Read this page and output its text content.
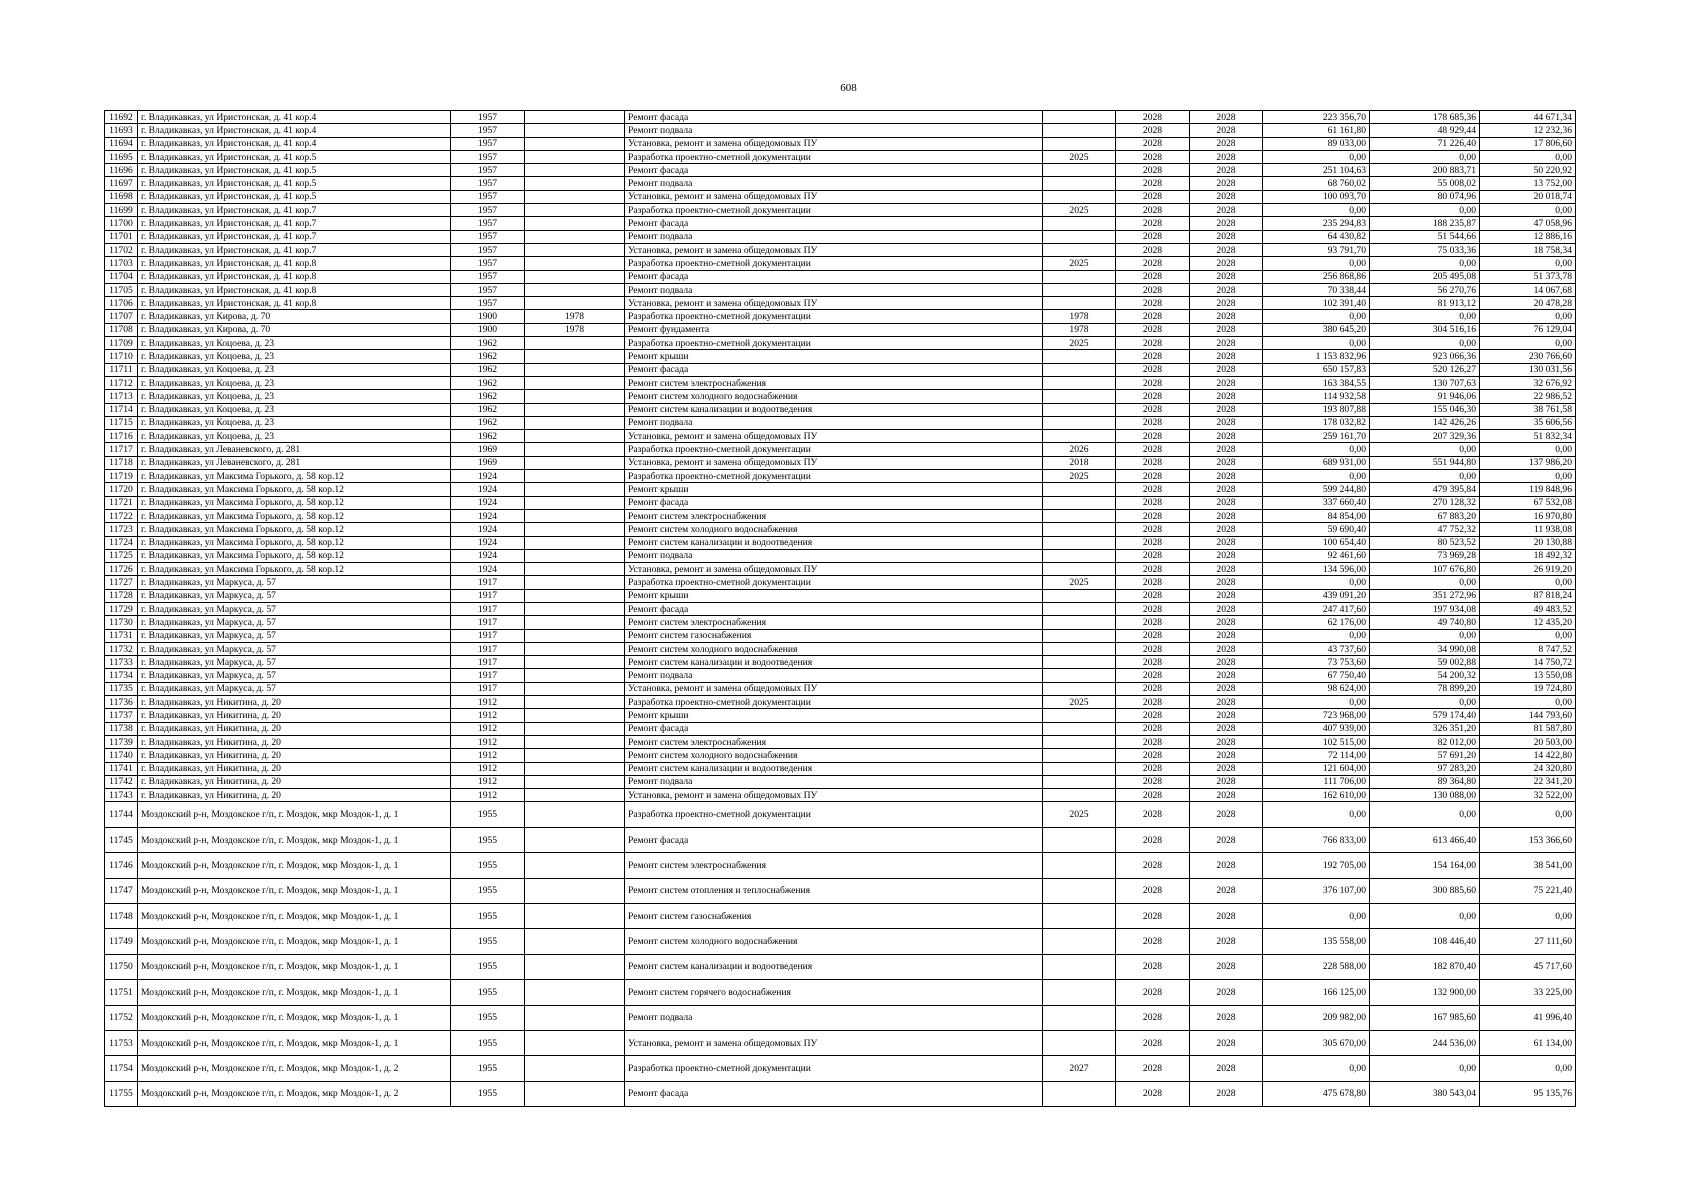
608
11692	г. Владикавказ, ул Иристонская, д. 41 кор.4	1957		Ремонт фасада		2028	2028	223 356,70	178 685,36	44 671,34
11693	г. Владикавказ, ул Иристонская, д. 41 кор.4	1957		Ремонт подвала		2028	2028	61 161,80	48 929,44	12 232,36
11694	г. Владикавказ, ул Иристонская, д. 41 кор.4	1957		Установка, ремонт и замена общедомовых ПУ		2028	2028	89 033,00	71 226,40	17 806,60
11695	г. Владикавказ, ул Иристонская, д. 41 кор.5	1957		Разработка проектно-сметной документации	2025	2028	2028	0,00	0,00	0,00
11696	г. Владикавказ, ул Иристонская, д. 41 кор.5	1957		Ремонт фасада		2028	2028	251 104,63	200 883,71	50 220,92
11697	г. Владикавказ, ул Иристонская, д. 41 кор.5	1957		Ремонт подвала		2028	2028	68 760,02	55 008,02	13 752,00
11698	г. Владикавказ, ул Иристонская, д. 41 кор.5	1957		Установка, ремонт и замена общедомовых ПУ		2028	2028	100 093,70	80 074,96	20 018,74
11699	г. Владикавказ, ул Иристонская, д. 41 кор.7	1957		Разработка проектно-сметной документации	2025	2028	2028	0,00	0,00	0,00
11700	г. Владикавказ, ул Иристонская, д. 41 кор.7	1957		Ремонт фасада		2028	2028	235 294,83	188 235,87	47 058,96
11701	г. Владикавказ, ул Иристонская, д. 41 кор.7	1957		Ремонт подвала		2028	2028	64 430,82	51 544,66	12 886,16
11702	г. Владикавказ, ул Иристонская, д. 41 кор.7	1957		Установка, ремонт и замена общедомовых ПУ		2028	2028	93 791,70	75 033,36	18 758,34
11703	г. Владикавказ, ул Иристонская, д. 41 кор.8	1957		Разработка проектно-сметной документации	2025	2028	2028	0,00	0,00	0,00
11704	г. Владикавказ, ул Иристонская, д. 41 кор.8	1957		Ремонт фасада		2028	2028	256 868,86	205 495,08	51 373,78
11705	г. Владикавказ, ул Иристонская, д. 41 кор.8	1957		Ремонт подвала		2028	2028	70 338,44	56 270,76	14 067,68
11706	г. Владикавказ, ул Иристонская, д. 41 кор.8	1957		Установка, ремонт и замена общедомовых ПУ		2028	2028	102 391,40	81 913,12	20 478,28
11707	г. Владикавказ, ул Кирова, д. 70	1900	1978	Разработка проектно-сметной документации	1978	2028	2028	0,00	0,00	0,00
11708	г. Владикавказ, ул Кирова, д. 70	1900	1978	Ремонт фундамента	1978	2028	2028	380 645,20	304 516,16	76 129,04
11709	г. Владикавказ, ул Коцоева, д. 23	1962		Разработка проектно-сметной документации	2025	2028	2028	0,00	0,00	0,00
11710	г. Владикавказ, ул Коцоева, д. 23	1962		Ремонт крыши		2028	2028	1 153 832,96	923 066,36	230 766,60
11711	г. Владикавказ, ул Коцоева, д. 23	1962		Ремонт фасада		2028	2028	650 157,83	520 126,27	130 031,56
11712	г. Владикавказ, ул Коцоева, д. 23	1962		Ремонт систем электроснабжения		2028	2028	163 384,55	130 707,63	32 676,92
11713	г. Владикавказ, ул Коцоева, д. 23	1962		Ремонт систем холодного водоснабжения		2028	2028	114 932,58	91 946,06	22 986,52
11714	г. Владикавказ, ул Коцоева, д. 23	1962		Ремонт систем канализации и водоотведения		2028	2028	193 807,88	155 046,30	38 761,58
11715	г. Владикавказ, ул Коцоева, д. 23	1962		Ремонт подвала		2028	2028	178 032,82	142 426,26	35 606,56
11716	г. Владикавказ, ул Коцоева, д. 23	1962		Установка, ремонт и замена общедомовых ПУ		2028	2028	259 161,70	207 329,36	51 832,34
11717	г. Владикавказ, ул Леваневского, д. 281	1969		Разработка проектно-сметной документации	2026	2028	2028	0,00	0,00	0,00
11718	г. Владикавказ, ул Леваневского, д. 281	1969		Установка, ремонт и замена общедомовых ПУ	2018	2028	2028	689 931,00	551 944,80	137 986,20
11719	г. Владикавказ, ул Максима Горького, д. 58 кор.12	1924		Разработка проектно-сметной документации	2025	2028	2028	0,00	0,00	0,00
11720	г. Владикавказ, ул Максима Горького, д. 58 кор.12	1924		Ремонт крыши		2028	2028	599 244,80	479 395,84	119 848,96
11721	г. Владикавказ, ул Максима Горького, д. 58 кор.12	1924		Ремонт фасада		2028	2028	337 660,40	270 128,32	67 532,08
11722	г. Владикавказ, ул Максима Горького, д. 58 кор.12	1924		Ремонт систем электроснабжения		2028	2028	84 854,00	67 883,20	16 970,80
11723	г. Владикавказ, ул Максима Горького, д. 58 кор.12	1924		Ремонт систем холодного водоснабжения		2028	2028	59 690,40	47 752,32	11 938,08
11724	г. Владикавказ, ул Максима Горького, д. 58 кор.12	1924		Ремонт систем канализации и водоотведения		2028	2028	100 654,40	80 523,52	20 130,88
11725	г. Владикавказ, ул Максима Горького, д. 58 кор.12	1924		Ремонт подвала		2028	2028	92 461,60	73 969,28	18 492,32
11726	г. Владикавказ, ул Максима Горького, д. 58 кор.12	1924		Установка, ремонт и замена общедомовых ПУ		2028	2028	134 596,00	107 676,80	26 919,20
11727	г. Владикавказ, ул Маркуса, д. 57	1917		Разработка проектно-сметной документации	2025	2028	2028	0,00	0,00	0,00
11728	г. Владикавказ, ул Маркуса, д. 57	1917		Ремонт крыши		2028	2028	439 091,20	351 272,96	87 818,24
11729	г. Владикавказ, ул Маркуса, д. 57	1917		Ремонт фасада		2028	2028	247 417,60	197 934,08	49 483,52
11730	г. Владикавказ, ул Маркуса, д. 57	1917		Ремонт систем электроснабжения		2028	2028	62 176,00	49 740,80	12 435,20
11731	г. Владикавказ, ул Маркуса, д. 57	1917		Ремонт систем газоснабжения		2028	2028	0,00	0,00	0,00
11732	г. Владикавказ, ул Маркуса, д. 57	1917		Ремонт систем холодного водоснабжения		2028	2028	43 737,60	34 990,08	8 747,52
11733	г. Владикавказ, ул Маркуса, д. 57	1917		Ремонт систем канализации и водоотведения		2028	2028	73 753,60	59 002,88	14 750,72
11734	г. Владикавказ, ул Маркуса, д. 57	1917		Ремонт подвала		2028	2028	67 750,40	54 200,32	13 550,08
11735	г. Владикавказ, ул Маркуса, д. 57	1917		Установка, ремонт и замена общедомовых ПУ		2028	2028	98 624,00	78 899,20	19 724,80
11736	г. Владикавказ, ул Никитина, д. 20	1912		Разработка проектно-сметной документации	2025	2028	2028	0,00	0,00	0,00
11737	г. Владикавказ, ул Никитина, д. 20	1912		Ремонт крыши		2028	2028	723 968,00	579 174,40	144 793,60
11738	г. Владикавказ, ул Никитина, д. 20	1912		Ремонт фасада		2028	2028	407 939,00	326 351,20	81 587,80
11739	г. Владикавказ, ул Никитина, д. 20	1912		Ремонт систем электроснабжения		2028	2028	102 515,00	82 012,00	20 503,00
11740	г. Владикавказ, ул Никитина, д. 20	1912		Ремонт систем холодного водоснабжения		2028	2028	72 114,00	57 691,20	14 422,80
11741	г. Владикавказ, ул Никитина, д. 20	1912		Ремонт систем канализации и водоотведения		2028	2028	121 604,00	97 283,20	24 320,80
11742	г. Владикавказ, ул Никитина, д. 20	1912		Ремонт подвала		2028	2028	111 706,00	89 364,80	22 341,20
11743	г. Владикавказ, ул Никитина, д. 20	1912		Установка, ремонт и замена общедомовых ПУ		2028	2028	162 610,00	130 088,00	32 522,00
11744	Моздокский р-н, Моздокское г/п, г. Моздок, мкр Моздок-1, д. 1	1955		Разработка проектно-сметной документации	2025	2028	2028	0,00	0,00	0,00
11745	Моздокский р-н, Моздокское г/п, г. Моздок, мкр Моздок-1, д. 1	1955		Ремонт фасада		2028	2028	766 833,00	613 466,40	153 366,60
11746	Моздокский р-н, Моздокское г/п, г. Моздок, мкр Моздок-1, д. 1	1955		Ремонт систем электроснабжения		2028	2028	192 705,00	154 164,00	38 541,00
11747	Моздокский р-н, Моздокское г/п, г. Моздок, мкр Моздок-1, д. 1	1955		Ремонт систем отопления и теплоснабжения		2028	2028	376 107,00	300 885,60	75 221,40
11748	Моздокский р-н, Моздокское г/п, г. Моздок, мкр Моздок-1, д. 1	1955		Ремонт систем газоснабжения		2028	2028	0,00	0,00	0,00
11749	Моздокский р-н, Моздокское г/п, г. Моздок, мкр Моздок-1, д. 1	1955		Ремонт систем холодного водоснабжения		2028	2028	135 558,00	108 446,40	27 111,60
11750	Моздокский р-н, Моздокское г/п, г. Моздок, мкр Моздок-1, д. 1	1955		Ремонт систем канализации и водоотведения		2028	2028	228 588,00	182 870,40	45 717,60
11751	Моздокский р-н, Моздокское г/п, г. Моздок, мкр Моздок-1, д. 1	1955		Ремонт систем горячего водоснабжения		2028	2028	166 125,00	132 900,00	33 225,00
11752	Моздокский р-н, Моздокское г/п, г. Моздок, мкр Моздок-1, д. 1	1955		Ремонт подвала		2028	2028	209 982,00	167 985,60	41 996,40
11753	Моздокский р-н, Моздокское г/п, г. Моздок, мкр Моздок-1, д. 1	1955		Установка, ремонт и замена общедомовых ПУ		2028	2028	305 670,00	244 536,00	61 134,00
11754	Моздокский р-н, Моздокское г/п, г. Моздок, мкр Моздок-1, д. 2	1955		Разработка проектно-сметной документации	2027	2028	2028	0,00	0,00	0,00
11755	Моздокский р-н, Моздокское г/п, г. Моздок, мкр Моздок-1, д. 2	1955		Ремонт фасада		2028	2028	475 678,80	380 543,04	95 135,76
